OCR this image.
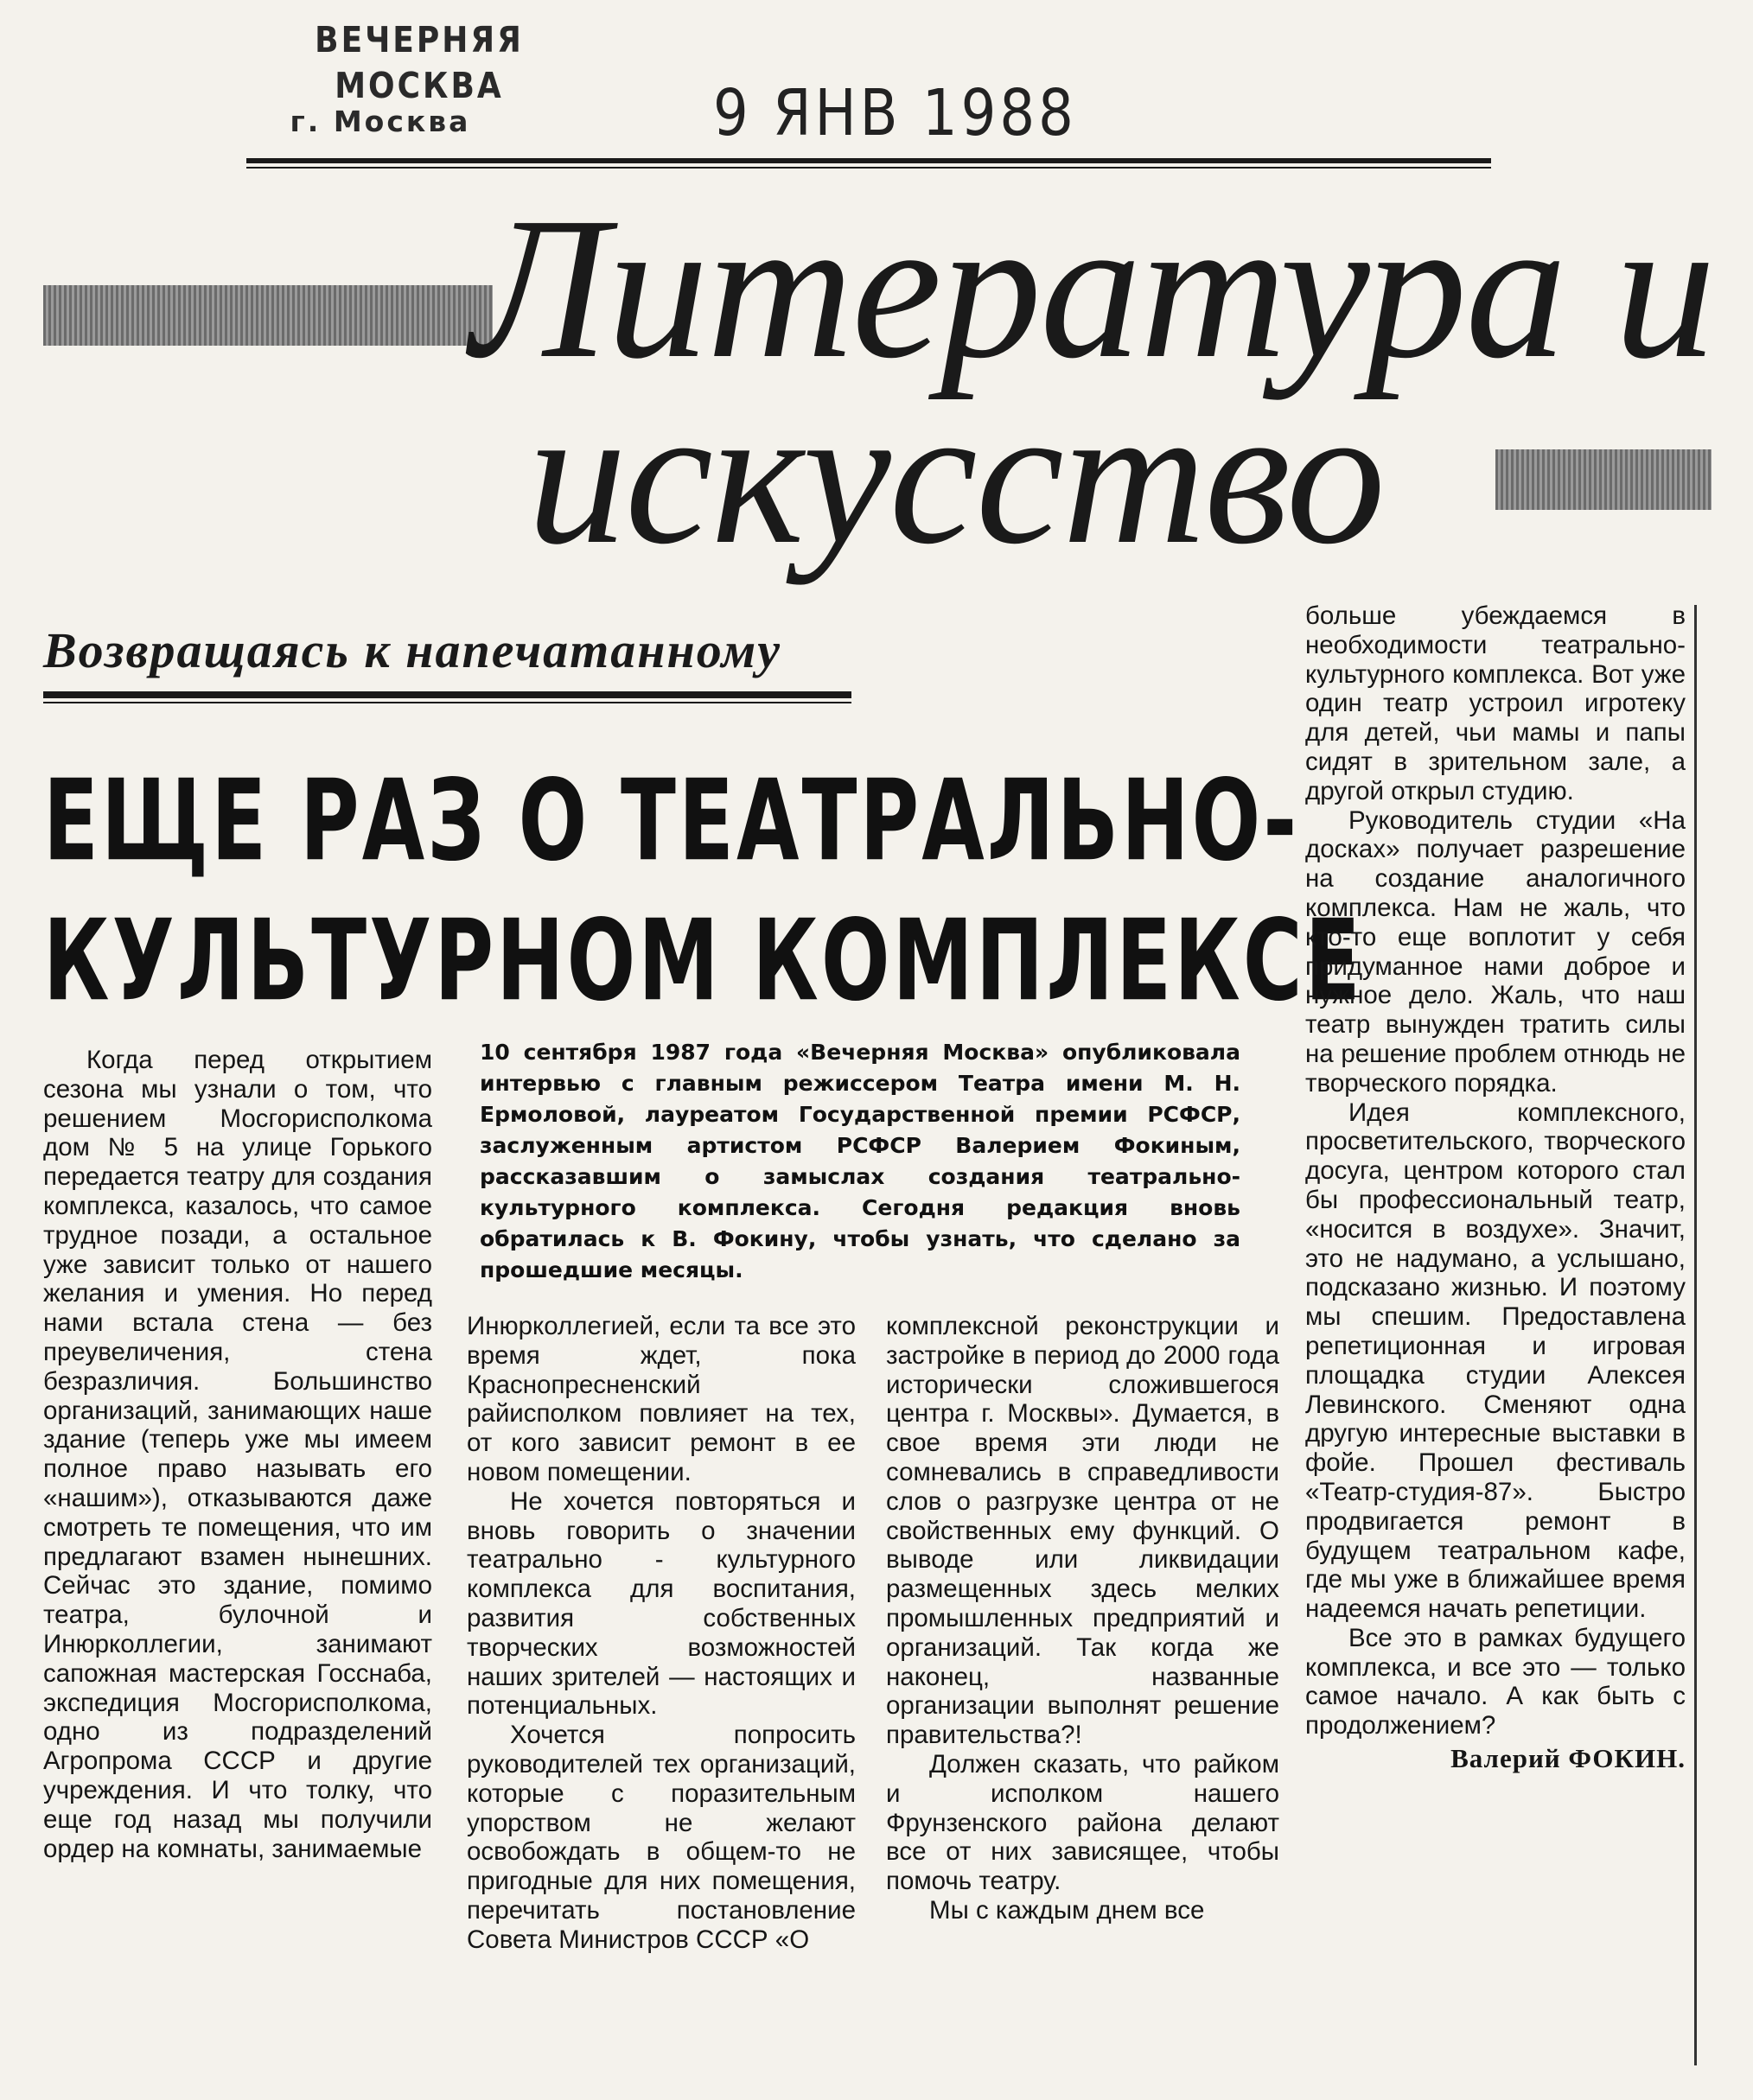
ВЕЧЕРНЯЯ МОСКВА
г. Москва	9 ЯНВ 1988
Литература и
искусство
Возвращаясь к напечатанному
ЕЩЕ РАЗ О ТЕАТРАЛЬНО-
КУЛЬТУРНОМ КОМПЛЕКСЕ
10 сентября 1987 года «Вечерняя Москва» опубликовала интервью с главным режиссером Театра имени М. Н. Ермоловой, лауреатом Государственной премии РСФСР, заслуженным артистом РСФСР Валерием Фокиным, рассказавшим о замыслах создания театрально-культурного комплекса. Сегодня редакция вновь обратилась к В. Фокину, чтобы узнать, что сделано за прошедшие месяцы.

Когда перед открытием сезона мы узнали о том, что решением Мосгорисполкома дом № 5 на улице Горького передается театру для создания комплекса, казалось, что самое трудное позади, а остальное уже зависит только от нашего желания и умения. Но перед нами встала стена — без преувеличения, стена безразличия. Большинство организаций, занимающих наше здание (теперь уже мы имеем полное право называть его «нашим»), отказываются даже смотреть те помещения, что им предлагают взамен нынешних. Сейчас это здание, помимо театра, булочной и Инюрколлегии, занимают сапожная мастерская Госснаба, экспедиция Мосгорисполкома, одно из подразделений Агропрома СССР и другие учреждения. И что толку, что еще год назад мы получили ордер на комнаты, занимаемые

Инюрколлегией, если та все это время ждет, пока Краснопресненский райисполком повлияет на тех, от кого зависит ремонт в ее новом помещении.

Не хочется повторяться и вновь говорить о значении театрально - культурного комплекса для воспитания, развития собственных творческих возможностей наших зрителей — настоящих и потенциальных.

Хочется попросить руководителей тех организаций, которые с поразительным упорством не желают освобождать в общем-то не пригодные для них помещения, перечитать постановление Совета Министров СССР «О

комплексной реконструкции и застройке в период до 2000 года исторически сложившегося центра г. Москвы». Думается, в свое время эти люди не сомневались в справедливости слов о разгрузке центра от не свойственных ему функций. О выводе или ликвидации размещенных здесь мелких промышленных предприятий и организаций. Так когда же наконец, названные организации выполнят решение правительства?!

Должен сказать, что райком и исполком нашего Фрунзенского района делают все от них зависящее, чтобы помочь театру.

Мы с каждым днем все

больше убеждаемся в необходимости театрально-культурного комплекса. Вот уже один театр устроил игротеку для детей, чьи мамы и папы сидят в зрительном зале, а другой открыл студию.

Руководитель студии «На досках» получает разрешение на создание аналогичного комплекса. Нам не жаль, что кто-то еще воплотит у себя придуманное нами доброе и нужное дело. Жаль, что наш театр вынужден тратить силы на решение проблем отнюдь не творческого порядка.

Идея комплексного, просветительского, творческого досуга, центром которого стал бы профессиональный театр, «носится в воздухе». Значит, это не надумано, а услышано, подсказано жизнью. И поэтому мы спешим. Предоставлена репетиционная и игровая площадка студии Алексея Левинского. Сменяют одна другую интересные выставки в фойе. Прошел фестиваль «Театр-студия-87». Быстро продвигается ремонт в будущем театральном кафе, где мы уже в ближайшее время надеемся начать репетиции.

Все это в рамках будущего комплекса, и все это — только самое начало. А как быть с продолжением?

Валерий ФОКИН.
